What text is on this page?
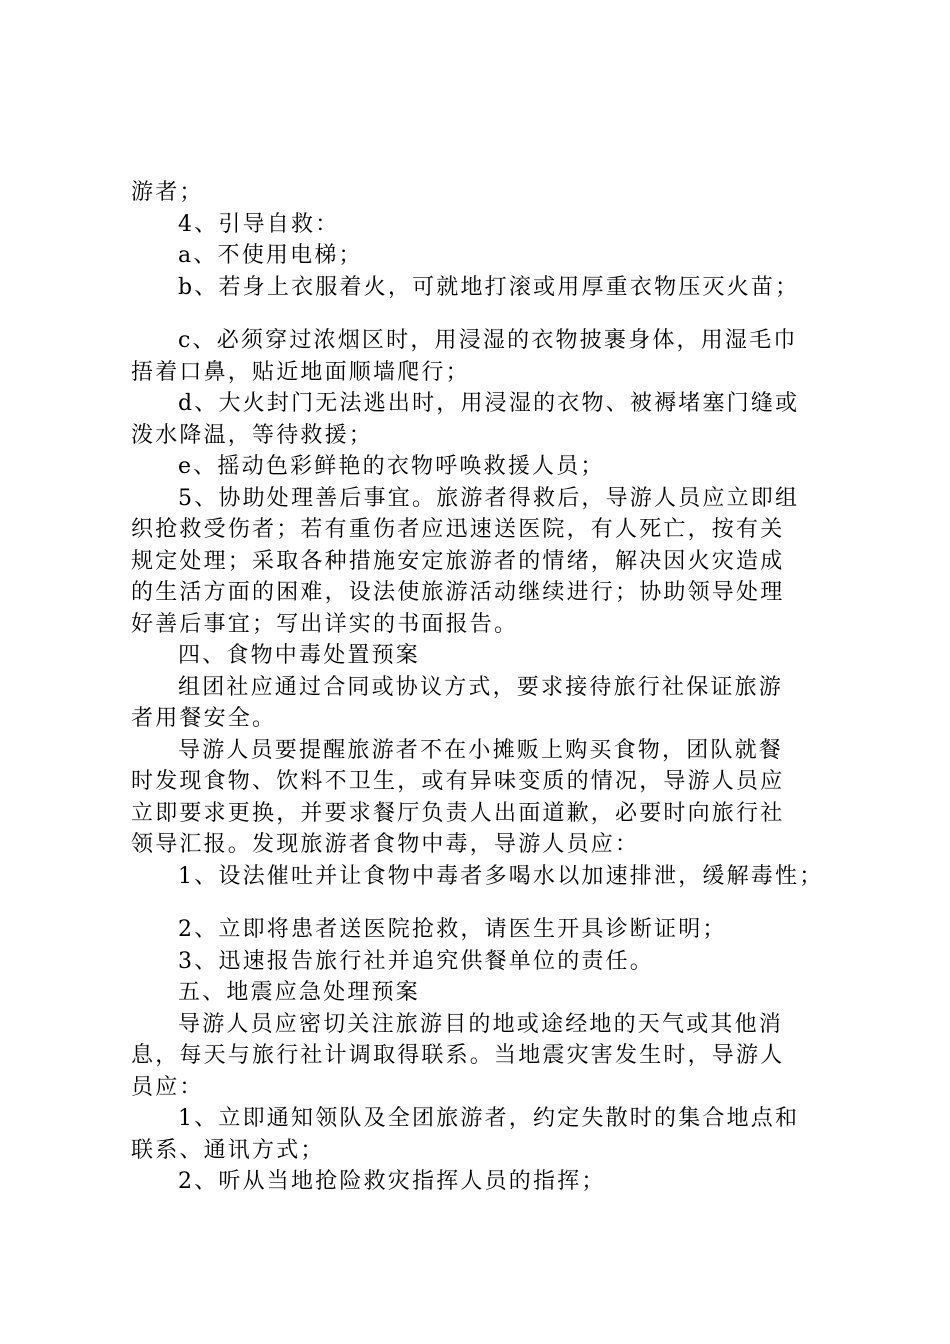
游者；
4、引导自救：
a、不使用电梯；
b、若身上衣服着火，可就地打滚或用厚重衣物压灭火苗；
c、必须穿过浓烟区时，用浸湿的衣物披裹身体，用湿毛巾
捂着口鼻，贴近地面顺墙爬行；
d、大火封门无法逃出时，用浸湿的衣物、被褥堵塞门缝或
泼水降温，等待救援；
e、摇动色彩鲜艳的衣物呼唤救援人员；
5、协助处理善后事宜。旅游者得救后，导游人员应立即组
织抢救受伤者；若有重伤者应迅速送医院，有人死亡，按有关
规定处理；采取各种措施安定旅游者的情绪，解决因火灾造成
的生活方面的困难，设法使旅游活动继续进行；协助领导处理
好善后事宜；写出详实的书面报告。
四、食物中毒处置预案
组团社应通过合同或协议方式，要求接待旅行社保证旅游
者用餐安全。
导游人员要提醒旅游者不在小摊贩上购买食物，团队就餐
时发现食物、饮料不卫生，或有异味变质的情况，导游人员应
立即要求更换，并要求餐厅负责人出面道歉，必要时向旅行社
领导汇报。发现旅游者食物中毒，导游人员应：
1、设法催吐并让食物中毒者多喝水以加速排泄，缓解毒性；
2、立即将患者送医院抢救，请医生开具诊断证明；
3、迅速报告旅行社并追究供餐单位的责任。
五、地震应急处理预案
导游人员应密切关注旅游目的地或途经地的天气或其他消
息，每天与旅行社计调取得联系。当地震灾害发生时，导游人
员应：
1、立即通知领队及全团旅游者，约定失散时的集合地点和
联系、通讯方式；
2、听从当地抢险救灾指挥人员的指挥；
